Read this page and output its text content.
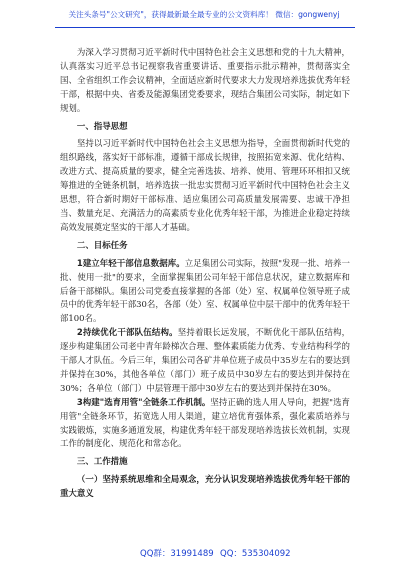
关注头条号"公文研究"，获得最新最全最专业的公文资料库！ 微信：gongwenyj

为深入学习贯彻习近平新时代中国特色社会主义思想和党的十九大精神，认真落实习近平总书记视察我省重要讲话、重要指示批示精神，贯彻落实全国、全省组织工作会议精神，全面适应新时代要求大力发现培养选拔优秀年轻干部，根据中央、省委及能源集团党委要求，现结合集团公司实际，制定如下规划。

一、指导思想

坚持以习近平新时代中国特色社会主义思想为指导，全面贯彻新时代党的组织路线，落实好干部标准，遵循干部成长规律，按照拓宽来源、优化结构、改进方式、提高质量的要求，健全完善选拔、培养、使用、管理环环相扣又统筹推进的全链条机制，培养选拔一批忠实贯彻习近平新时代中国特色社会主义思想，符合新时期好干部标准、适应集团公司高质量发展需要、忠诚干净担当、数量充足、充满活力的高素质专业化优秀年轻干部，为推进企业稳定持续高效发展奠定坚实的干部人才基础。

二、目标任务

1建立年轻干部信息数据库。立足集团公司实际，按照"发现一批、培养一批、使用一批"的要求，全面掌握集团公司年轻干部信息状况，建立数据库和后备干部梯队。集团公司党委直接掌握的各部（处）室、权属单位领导班子成员中的优秀年轻干部30名，各部（处）室、权属单位中层干部中的优秀年轻干部100名。

2持续优化干部队伍结构。坚持着眼长远发展，不断优化干部队伍结构，逐步构建集团公司老中青年龄梯次合理、整体素质能力优秀、专业结构科学的干部人才队伍。今后三年，集团公司各矿井单位班子成员中35岁左右的要达到并保持在30%，其他各单位（部门）班子成员中30岁左右的要达到并保持在30%；各单位（部门）中层管理干部中30岁左右的要达到并保持在30%。

3构建"选育用管"全链条工作机制。坚持正确的选人用人导向，把握"选育用管"全链条环节，拓宽选人用人渠道，建立培优育强体系，强化素质培养与实践锻炼，实施多通道发展，构建优秀年轻干部发现培养选拔长效机制，实现工作的制度化、规范化和常态化。

三、工作措施

（一）坚持系统思维和全局观念，充分认识发现培养选拔优秀年轻干部的重大意义

QQ群：31991489 QQ：535304092
